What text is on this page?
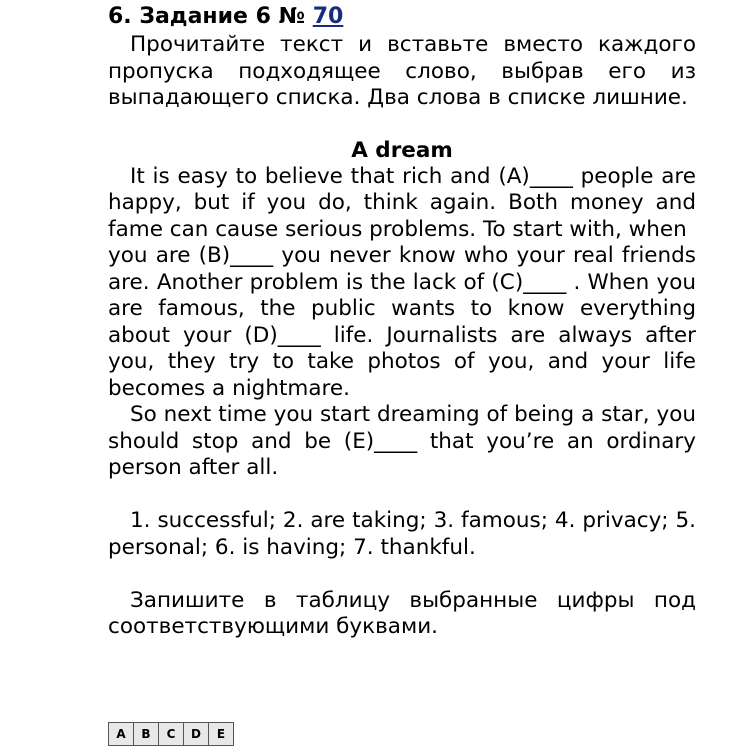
6. Задание 6 № 70
Прочитайте текст и вставьте вместо каждого пропуска подходящее слово, выбрав его из выпадающего списка. Два слова в списке лишние.
A dream
It is easy to believe that rich and (A)____ people are happy, but if you do, think again. Both money and fame can cause serious problems. To start with, when
you are (B)____ you never know who your real friends are. Another problem is the lack of (C)____ . When you are famous, the public wants to know everything about your (D)____ life. Journalists are always after you, they try to take photos of you, and your life becomes a nightmare.
So next time you start dreaming of being a star, you should stop and be (E)____ that you’re an ordinary person after all.
1. successful; 2. are taking; 3. famous; 4. privacy; 5. personal; 6. is having; 7. thankful.
Запишите в таблицу выбранные цифры под соответствующими буквами.
A	B	C	D	E
